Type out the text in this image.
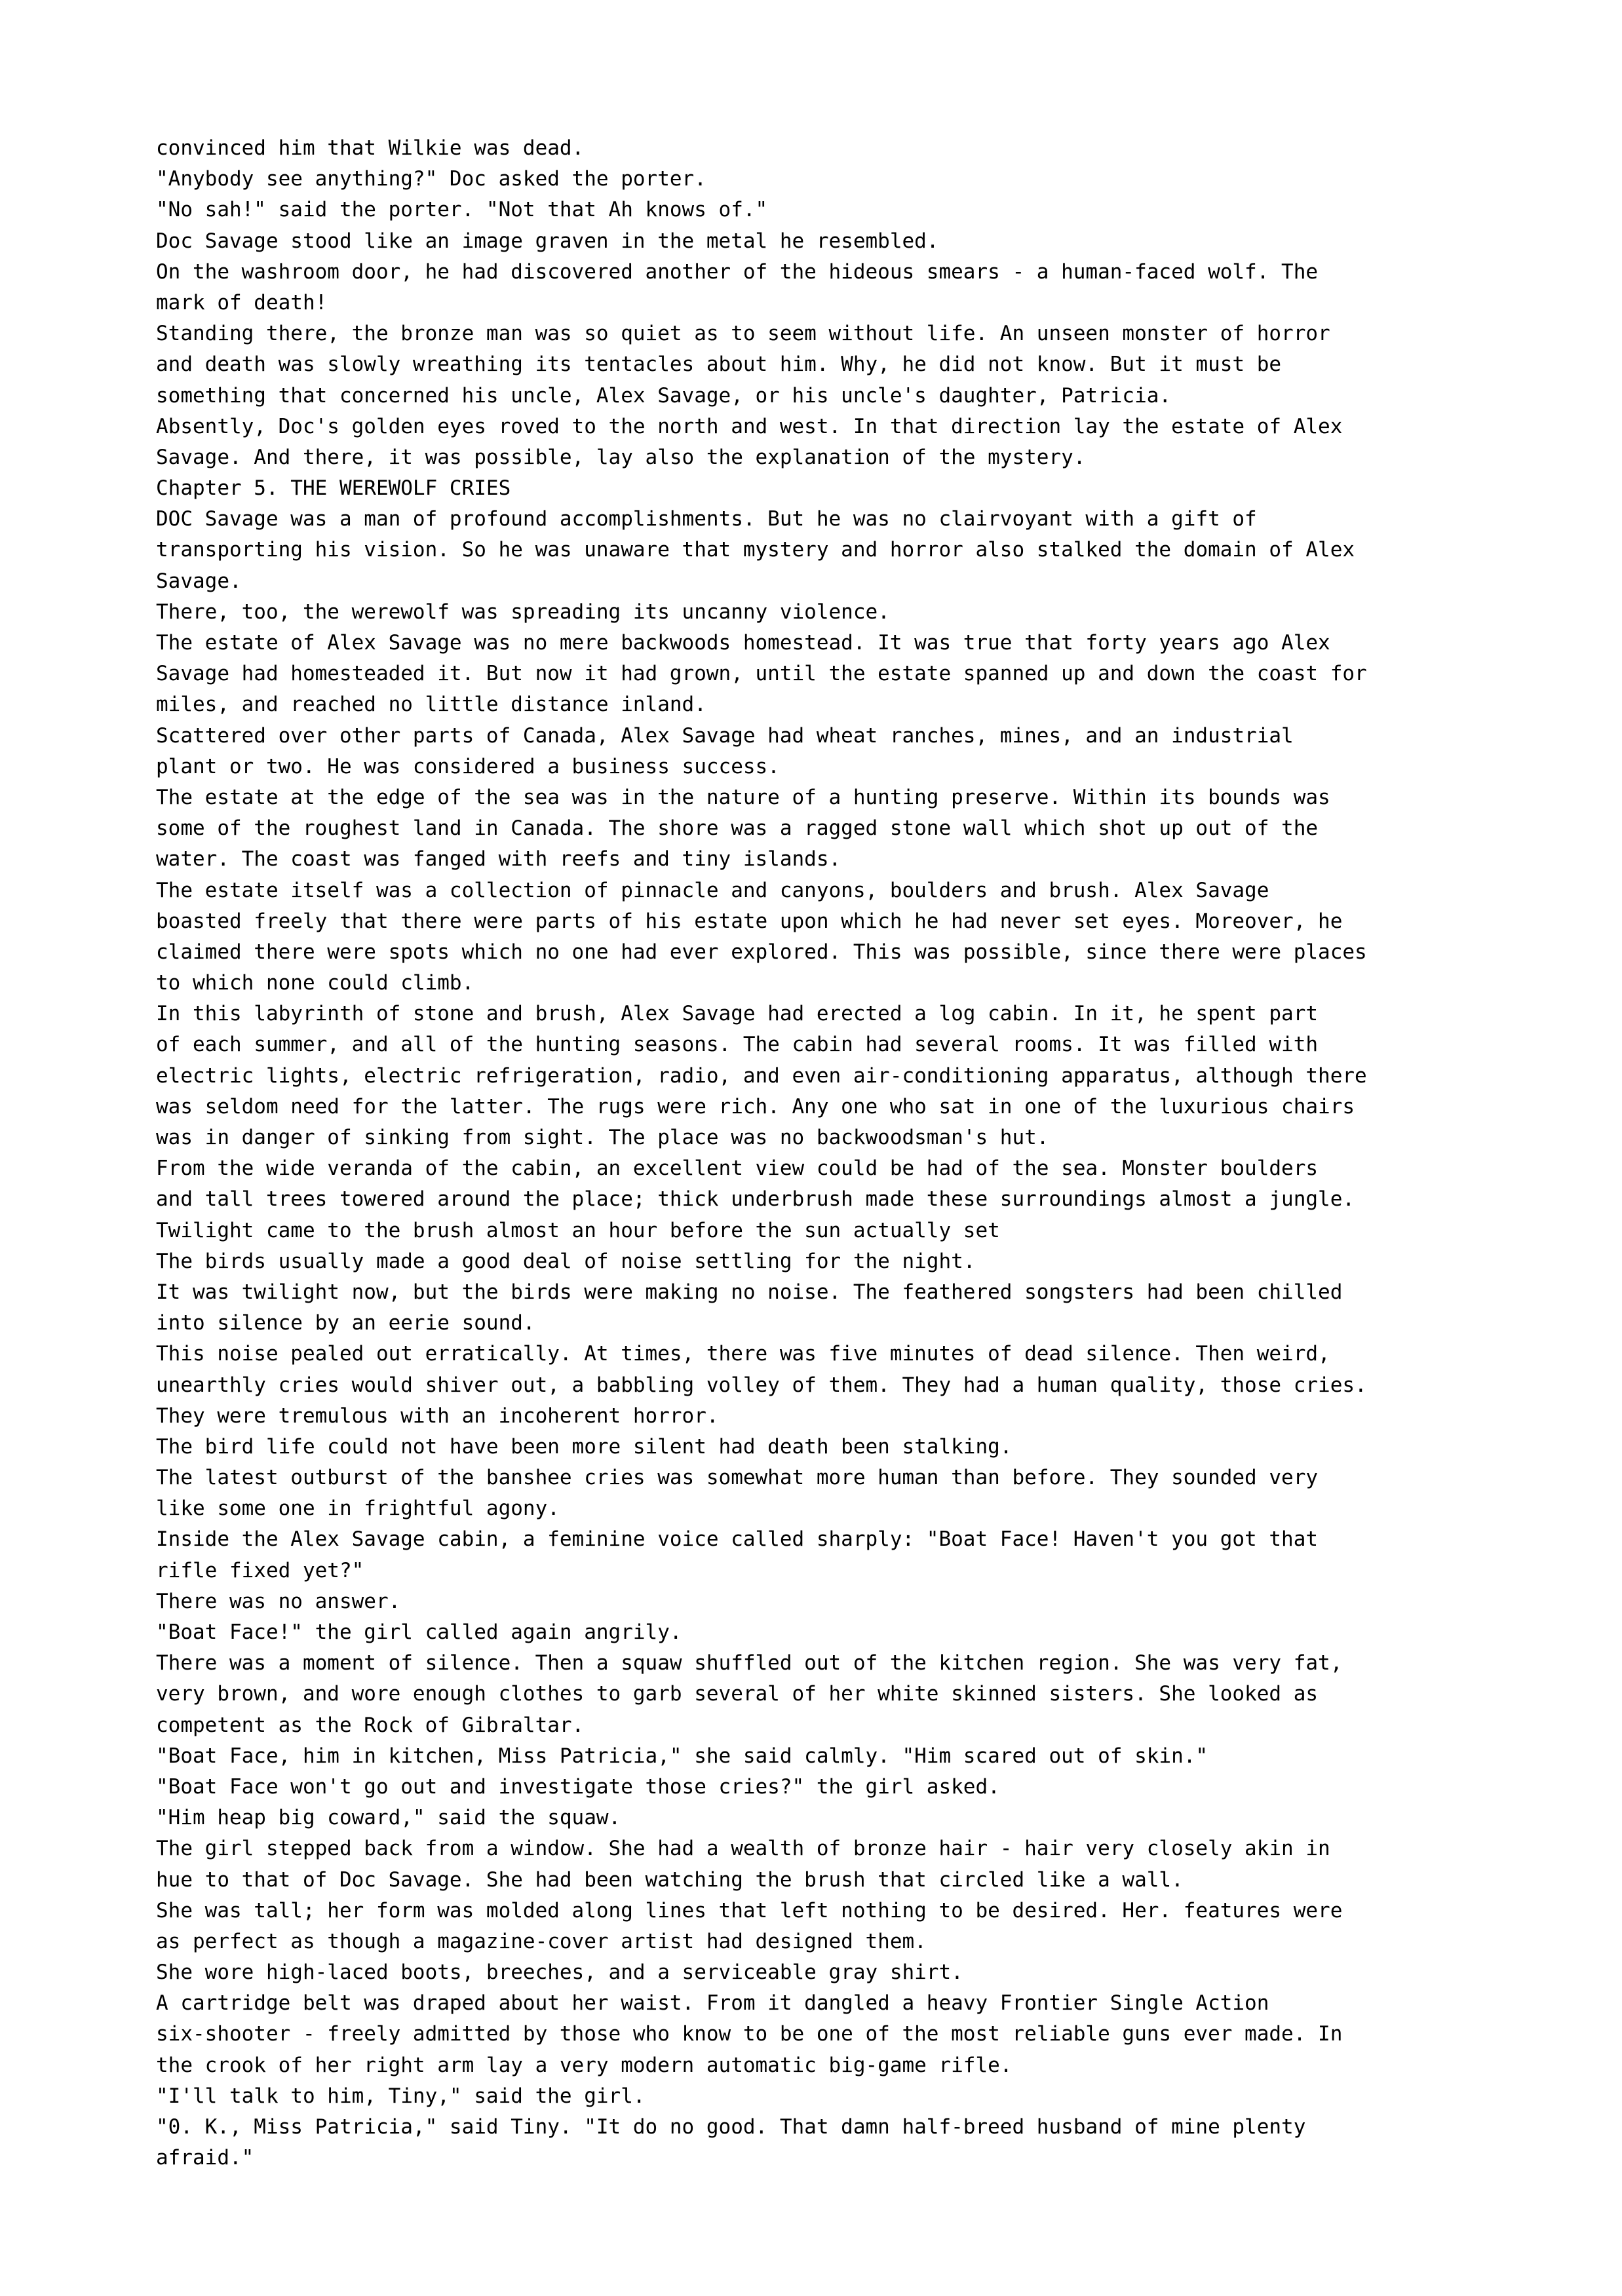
convinced him that Wilkie was dead.

"Anybody see anything?" Doc asked the porter.

"No sah!" said the porter. "Not that Ah knows of."

Doc Savage stood like an image graven in the metal he resembled.

On the washroom door, he had discovered another of the hideous smears - a human-faced wolf. The

mark of death!

Standing there, the bronze man was so quiet as to seem without life. An unseen monster of horror

and death was slowly wreathing its tentacles about him. Why, he did not know. But it must be

something that concerned his uncle, Alex Savage, or his uncle's daughter, Patricia.

Absently, Doc's golden eyes roved to the north and west. In that direction lay the estate of Alex

Savage. And there, it was possible, lay also the explanation of the mystery.

Chapter 5. THE WEREWOLF CRIES

DOC Savage was a man of profound accomplishments. But he was no clairvoyant with a gift of

transporting his vision. So he was unaware that mystery and horror also stalked the domain of Alex

Savage.

There, too, the werewolf was spreading its uncanny violence.

The estate of Alex Savage was no mere backwoods homestead. It was true that forty years ago Alex

Savage had homesteaded it. But now it had grown, until the estate spanned up and down the coast for

miles, and reached no little distance inland.

Scattered over other parts of Canada, Alex Savage had wheat ranches, mines, and an industrial

plant or two. He was considered a business success.

The estate at the edge of the sea was in the nature of a hunting preserve. Within its bounds was

some of the roughest land in Canada. The shore was a ragged stone wall which shot up out of the

water. The coast was fanged with reefs and tiny islands.

The estate itself was a collection of pinnacle and canyons, boulders and brush. Alex Savage

boasted freely that there were parts of his estate upon which he had never set eyes. Moreover, he

claimed there were spots which no one had ever explored. This was possible, since there were places

to which none could climb.

In this labyrinth of stone and brush, Alex Savage had erected a log cabin. In it, he spent part

of each summer, and all of the hunting seasons. The cabin had several rooms. It was filled with

electric lights, electric refrigeration, radio, and even air-conditioning apparatus, although there

was seldom need for the latter. The rugs were rich. Any one who sat in one of the luxurious chairs

was in danger of sinking from sight. The place was no backwoodsman's hut.

From the wide veranda of the cabin, an excellent view could be had of the sea. Monster boulders

and tall trees towered around the place; thick underbrush made these surroundings almost a jungle.

Twilight came to the brush almost an hour before the sun actually set

The birds usually made a good deal of noise settling for the night.

It was twilight now, but the birds were making no noise. The feathered songsters had been chilled

into silence by an eerie sound.

This noise pealed out erratically. At times, there was five minutes of dead silence. Then weird,

unearthly cries would shiver out, a babbling volley of them. They had a human quality, those cries.

They were tremulous with an incoherent horror.

The bird life could not have been more silent had death been stalking.

The latest outburst of the banshee cries was somewhat more human than before. They sounded very

like some one in frightful agony.

Inside the Alex Savage cabin, a feminine voice called sharply: "Boat Face! Haven't you got that

rifle fixed yet?"

There was no answer.

"Boat Face!" the girl called again angrily.

There was a moment of silence. Then a squaw shuffled out of the kitchen region. She was very fat,

very brown, and wore enough clothes to garb several of her white skinned sisters. She looked as

competent as the Rock of Gibraltar.

"Boat Face, him in kitchen, Miss Patricia," she said calmly. "Him scared out of skin."

"Boat Face won't go out and investigate those cries?" the girl asked.

"Him heap big coward," said the squaw.

The girl stepped back from a window. She had a wealth of bronze hair - hair very closely akin in

hue to that of Doc Savage. She had been watching the brush that circled like a wall.

She was tall; her form was molded along lines that left nothing to be desired. Her. features were

as perfect as though a magazine-cover artist had designed them.

She wore high-laced boots, breeches, and a serviceable gray shirt.

A cartridge belt was draped about her waist. From it dangled a heavy Frontier Single Action

six-shooter - freely admitted by those who know to be one of the most reliable guns ever made. In

the crook of her right arm lay a very modern automatic big-game rifle.

"I'll talk to him, Tiny," said the girl.

"0. K., Miss Patricia," said Tiny. "It do no good. That damn half-breed husband of mine plenty

afraid."
